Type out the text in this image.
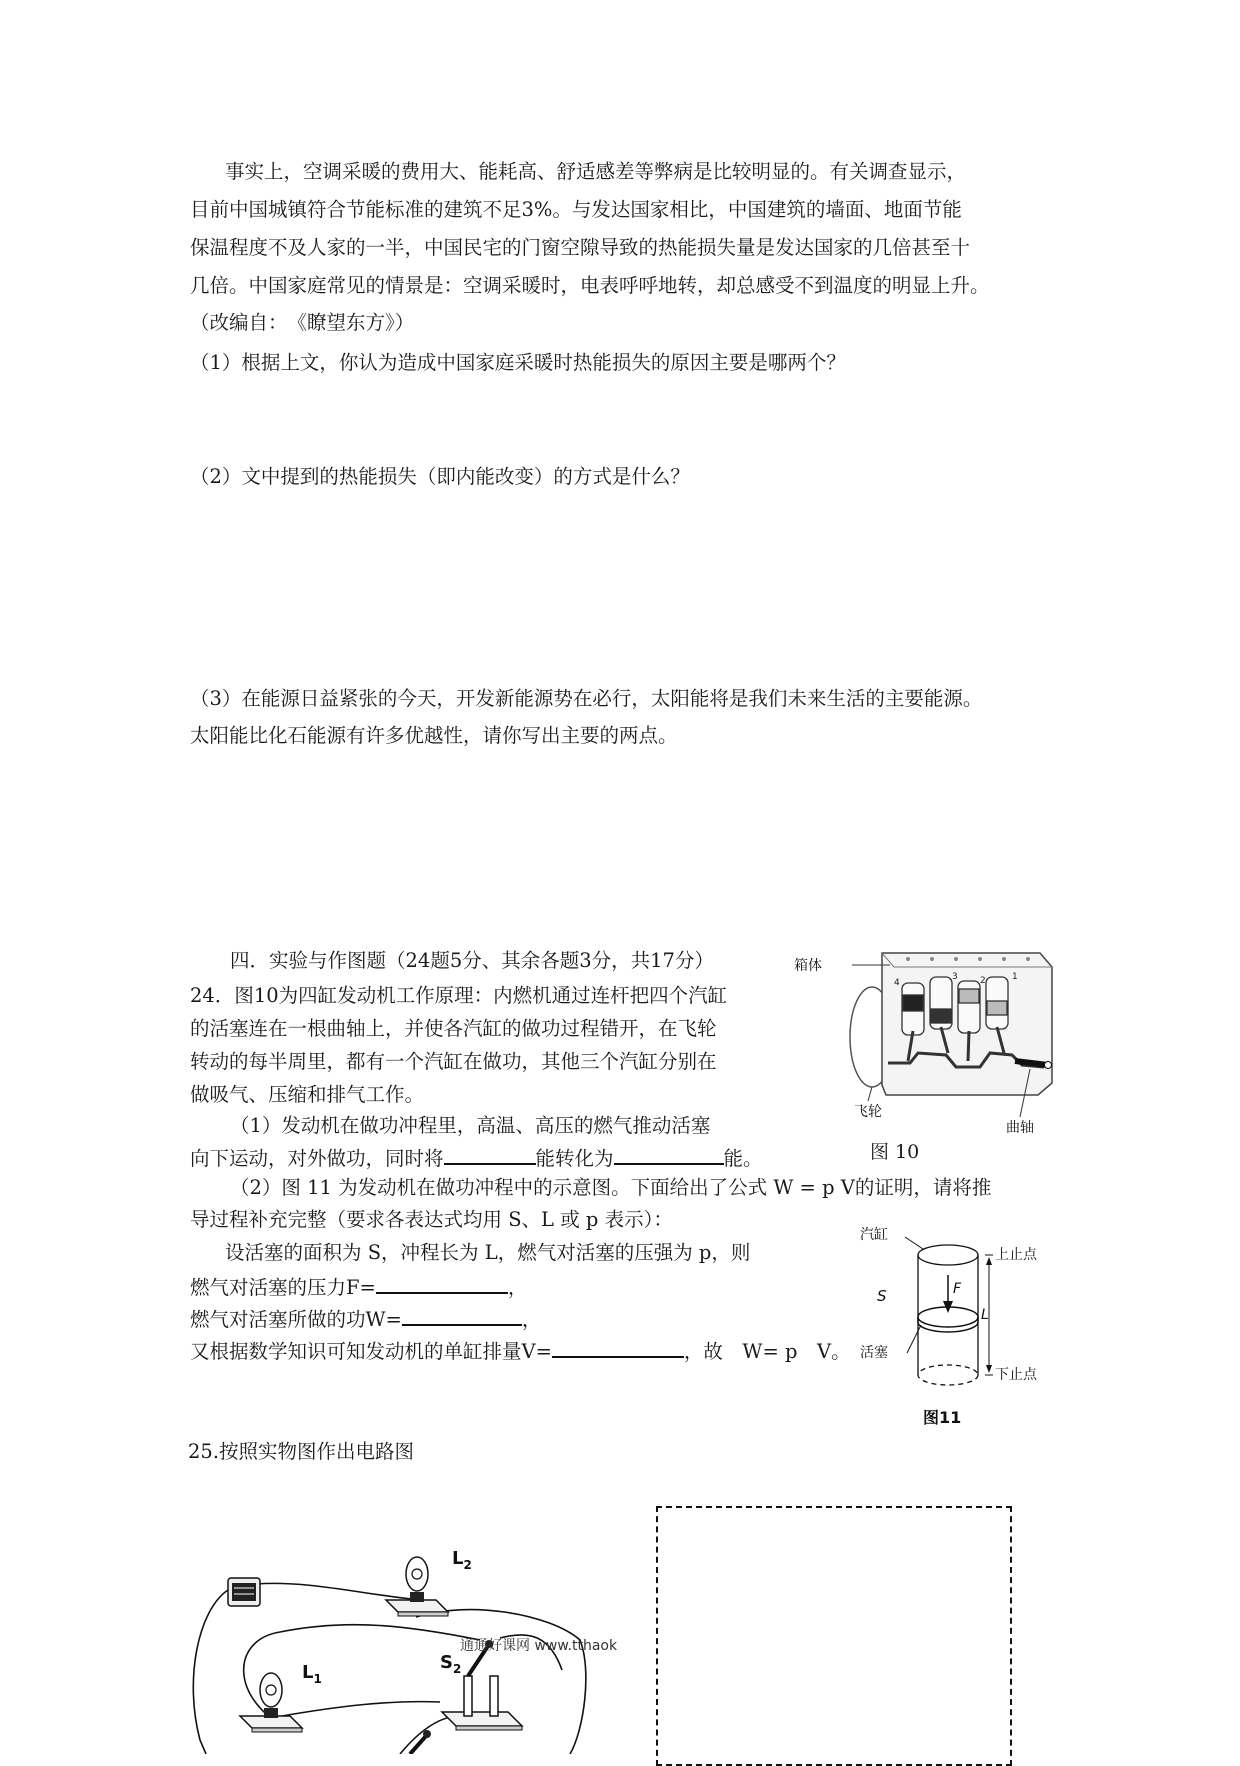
事实上，空调采暖的费用大、能耗高、舒适感差等弊病是比较明显的。有关调查显示，
目前中国城镇符合节能标准的建筑不足3%。与发达国家相比，中国建筑的墙面、地面节能
保温程度不及人家的一半，中国民宅的门窗空隙导致的热能损失量是发达国家的几倍甚至十
几倍。中国家庭常见的情景是：空调采暖时，电表呼呼地转，却总感受不到温度的明显上升。
（改编自：　《瞭望东方》）
（1）根据上文，你认为造成中国家庭采暖时热能损失的原因主要是哪两个？
（2）文中提到的热能损失（即内能改变）的方式是什么？
（3）在能源日益紧张的今天，开发新能源势在必行，太阳能将是我们未来生活的主要能源。
太阳能比化石能源有许多优越性，请你写出主要的两点。
四．实验与作图题（24题5分、其余各题3分，共17分）
24．图10为四缸发动机工作原理：内燃机通过连杆把四个汽缸
的活塞连在一根曲轴上，并使各汽缸的做功过程错开，在飞轮
转动的每半周里，都有一个汽缸在做功，其他三个汽缸分别在
做吸气、压缩和排气工作。
（1）发动机在做功冲程里，高温、高压的燃气推动活塞
向下运动，对外做功，同时将	能转化为	能。
（2）图 11 为发动机在做功冲程中的示意图。下面给出了公式 W = p V的证明，请将推
导过程补充完整（要求各表达式均用 S、L 或 p 表示）：
设活塞的面积为 S，冲程长为 L，燃气对活塞的压强为 p，则
燃气对活塞的压力F=	，
燃气对活塞所做的功W=	，
又根据数学知识可知发动机的单缸排量V=	，故　W= p　V。
4
3 2	1
箱体
飞轮
曲轴
图 10
汽缸
上止点
下止点
活塞
S	F
L
图11
25.按照实物图作出电路图
$L_2$
$L_1$
$S_2$
通通好课网 www.tthaok
